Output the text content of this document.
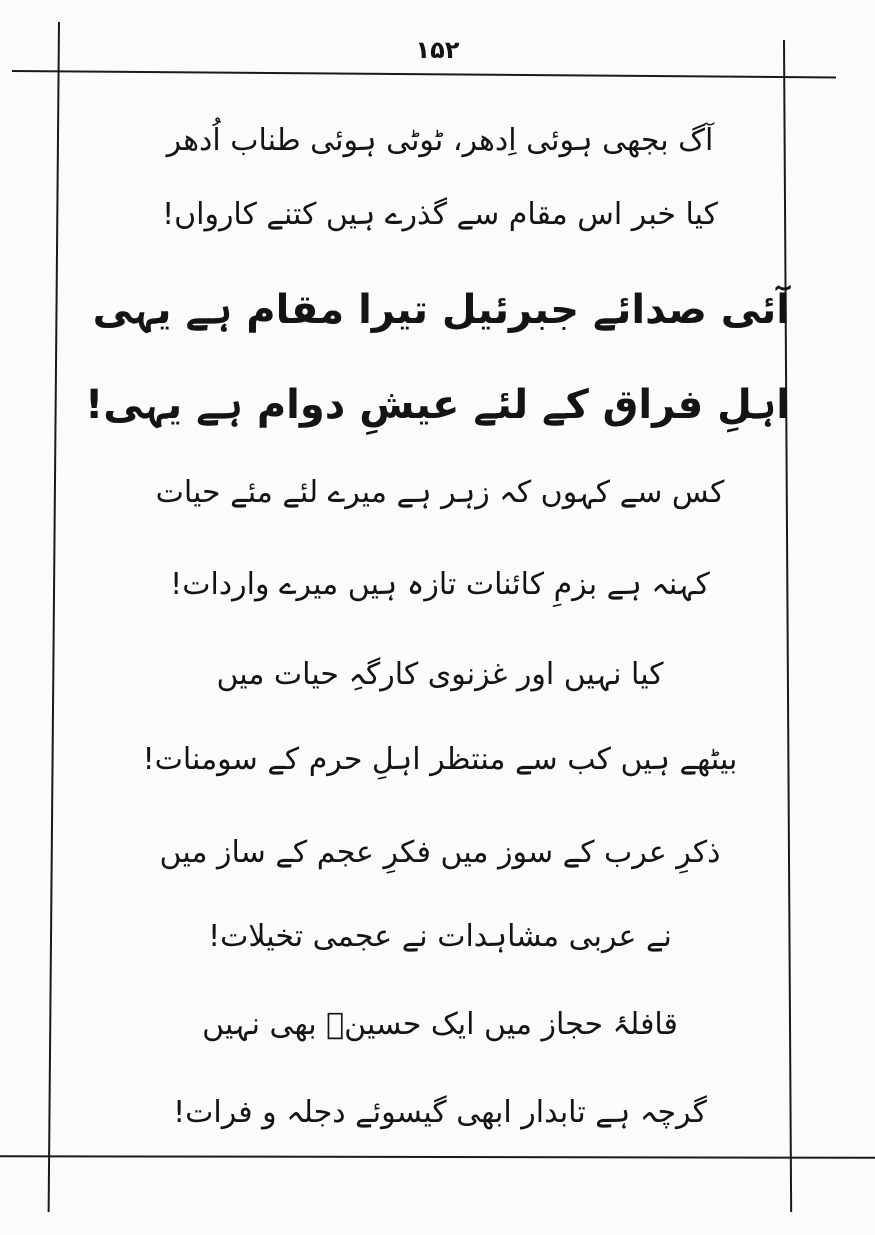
۱۵۲
آگ بجھی ہوئی اِدھر، ٹوٹی ہوئی طناب اُدھر
کیا خبر اس مقام سے گذرے ہیں کتنے کارواں!
آئی صدائے جبرئیل تیرا مقام ہے یہی
اہلِ فراق کے لئے عیشِ دوام ہے یہی!
کس سے کہوں کہ زہر ہے میرے لئے مئے حیات
کہنہ ہے بزمِ کائنات تازہ ہیں میرے واردات!
کیا نہیں اور غزنوی کارگہِ حیات میں
بیٹھے ہیں کب سے منتظر اہلِ حرم کے سومنات!
ذکرِ عرب کے سوز میں فکرِ عجم کے ساز میں
نے عربی مشاہدات نے عجمی تخیلات!
قافلۂ حجاز میں ایک حسینؓ بھی نہیں
گرچہ ہے تابدار ابھی گیسوئے دجلہ و فرات!
